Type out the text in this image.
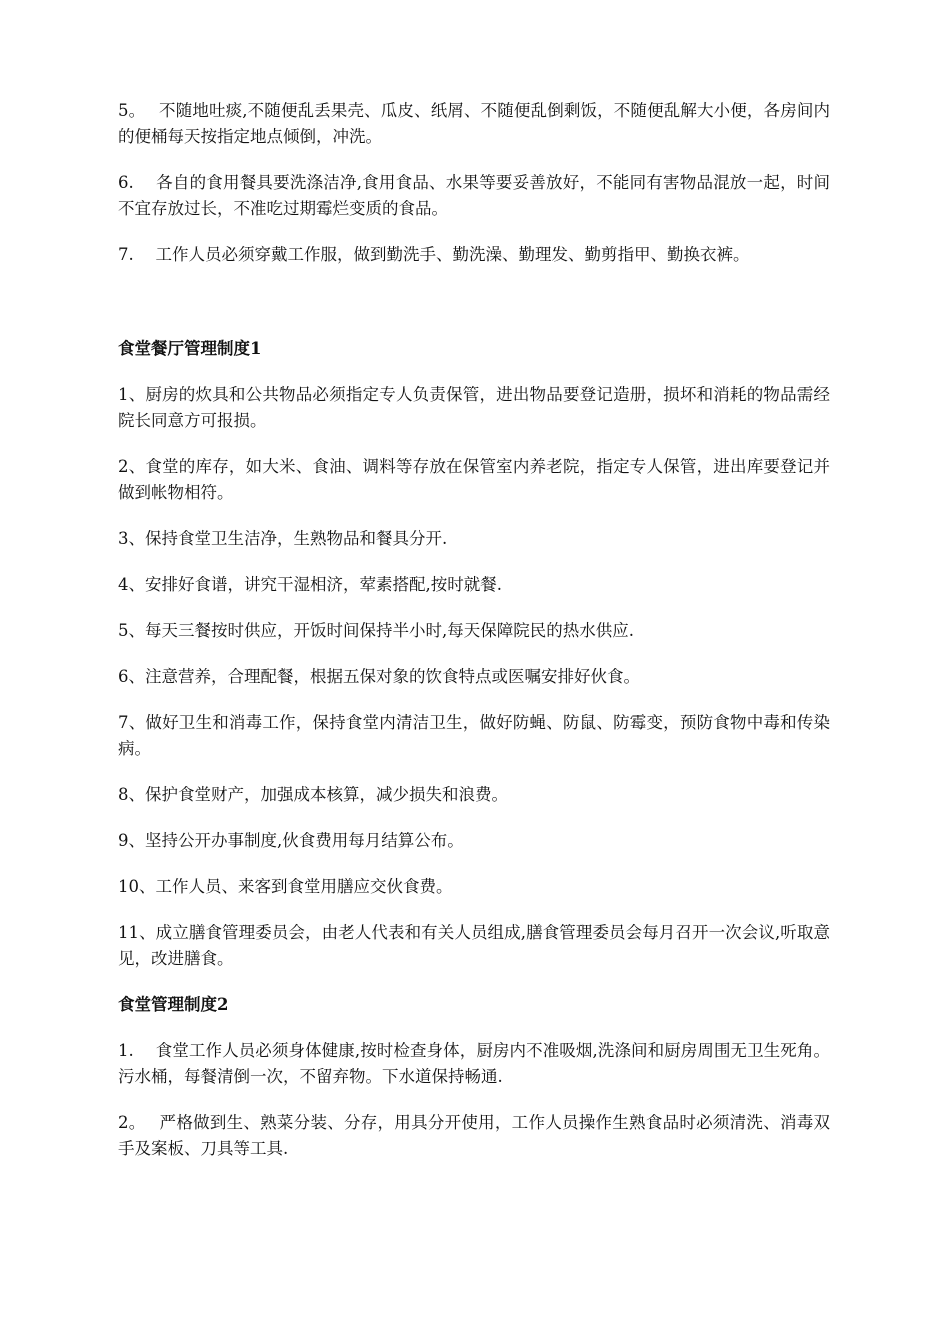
5。　 不随地吐痰,不随便乱丢果壳、瓜皮、纸屑、不随便乱倒剩饭，不随便乱解大小便，各房间内的便桶每天按指定地点倾倒，冲洗。

6.　 各自的食用餐具要洗涤洁净,食用食品、水果等要妥善放好，不能同有害物品混放一起，时间不宜存放过长，不准吃过期霉烂变质的食品。

7.　 工作人员必须穿戴工作服，做到勤洗手、勤洗澡、勤理发、勤剪指甲、勤换衣裤。

食堂餐厅管理制度1

1、厨房的炊具和公共物品必须指定专人负责保管，进出物品要登记造册，损坏和消耗的物品需经院长同意方可报损。

2、食堂的库存，如大米、食油、调料等存放在保管室内养老院，指定专人保管，进出库要登记并做到帐物相符。

3、保持食堂卫生洁净，生熟物品和餐具分开.

4、安排好食谱，讲究干湿相济，荤素搭配,按时就餐.

5、每天三餐按时供应，开饭时间保持半小时,每天保障院民的热水供应.

6、注意营养，合理配餐，根据五保对象的饮食特点或医嘱安排好伙食。

7、做好卫生和消毒工作，保持食堂内清洁卫生，做好防蝇、防鼠、防霉变，预防食物中毒和传染病。

8、保护食堂财产，加强成本核算，减少损失和浪费。

9、坚持公开办事制度,伙食费用每月结算公布。

10、工作人员、来客到食堂用膳应交伙食费。

11、成立膳食管理委员会，由老人代表和有关人员组成,膳食管理委员会每月召开一次会议,听取意见，改进膳食。

食堂管理制度2

1.　 食堂工作人员必须身体健康,按时检查身体，厨房内不准吸烟,洗涤间和厨房周围无卫生死角。污水桶，每餐清倒一次，不留弃物。下水道保持畅通.

2。　 严格做到生、熟菜分装、分存，用具分开使用，工作人员操作生熟食品时必须清洗、消毒双手及案板、刀具等工具.
